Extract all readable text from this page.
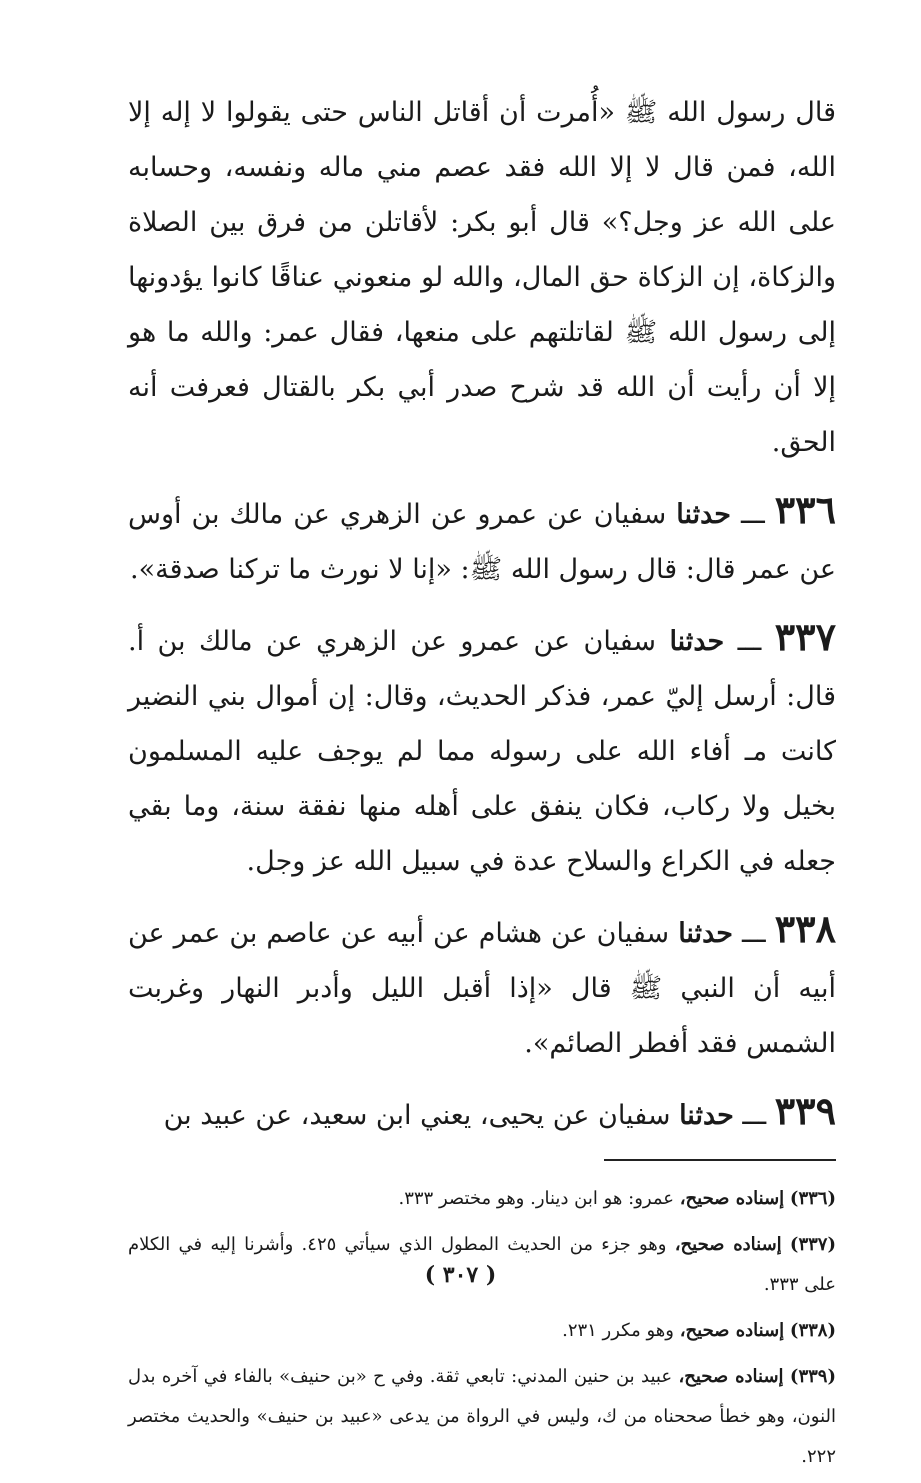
قال رسول الله ﷺ «أُمرت أن أقاتل الناس حتى يقولوا لا إله إلا الله، فمن قال لا إلا الله فقد عصم مني ماله ونفسه، وحسابه على الله عز وجل؟» قال أبو بكر: لأقاتلن من فرق بين الصلاة والزكاة، إن الزكاة حق المال، والله لو منعوني عناقًا كانوا يؤدونها إلى رسول الله ﷺ لقاتلتهم على منعها، فقال عمر: والله ما هو إلا أن رأيت أن الله قد شرح صدر أبي بكر بالقتال فعرفت أنه الحق.

٣٣٦ ـــ حدثنا سفيان عن عمرو عن الزهري عن مالك بن أوس عن عمر قال: قال رسول الله ﷺ: «إنا لا نورث ما تركنا صدقة».

٣٣٧ ـــ حدثنا سفيان عن عمرو عن الزهري عن مالك بن أ. قال: أرسل إليّ عمر، فذكر الحديث، وقال: إن أموال بني النضير كانت مـ أفاء الله على رسوله مما لم يوجف عليه المسلمون بخيل ولا ركاب، فكان ينفق على أهله منها نفقة سنة، وما بقي جعله في الكراع والسلاح عدة في سبيل الله عز وجل.

٣٣٨ ـــ حدثنا سفيان عن هشام عن أبيه عن عاصم بن عمر عن أبيه أن النبي ﷺ قال «إذا أقبل الليل وأدبر النهار وغربت الشمس فقد أفطر الصائم».

٣٣٩ ـــ حدثنا سفيان عن يحيى، يعني ابن سعيد، عن عبيد بن

(٣٣٦) إسناده صحيح، عمرو: هو ابن دينار. وهو مختصر ٣٣٣.

(٣٣٧) إسناده صحيح، وهو جزء من الحديث المطول الذي سيأتي ٤٢٥. وأشرنا إليه في الكلام على ٣٣٣.

(٣٣٨) إسناده صحيح، وهو مكرر ٢٣١.

(٣٣٩) إسناده صحيح، عبيد بن حنين المدني: تابعي ثقة. وفي ح «بن حنيف» بالفاء في آخره بدل النون، وهو خطأ صححناه من ك، وليس في الرواة من يدعى «عبيد بن حنيف» والحديث مختصر ٢٢٢.

( ٣٠٧ )
